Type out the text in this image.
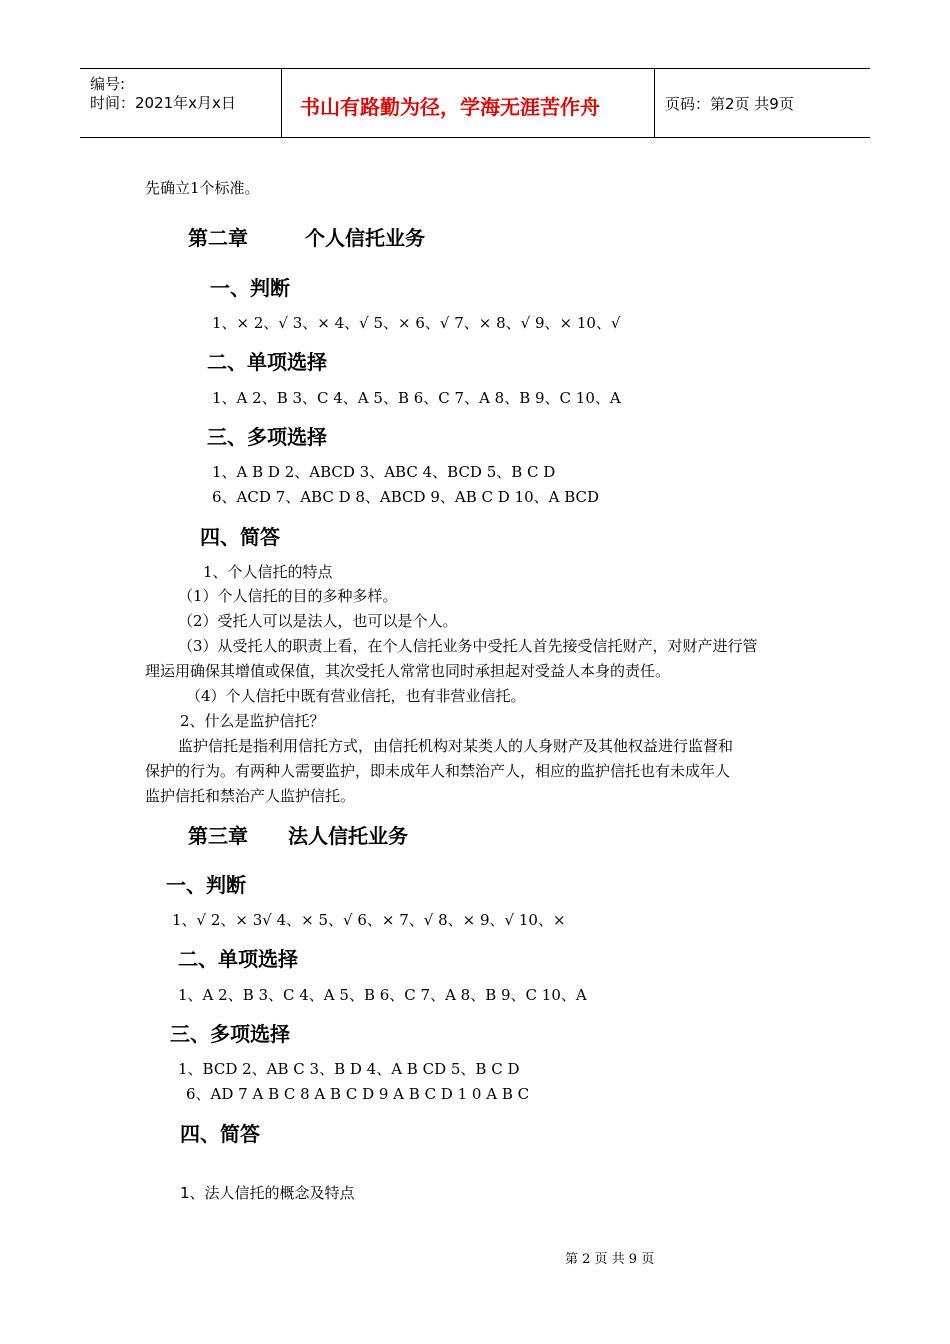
编号:
时间：2021年x月x日	书山有路勤为径，学海无涯苦作舟	页码：第2页 共9页
先确立1个标准。
第二章	个人信托业务
一、判断
1、× 2、√ 3、× 4、√ 5、× 6、√ 7、× 8、√ 9、× 10、√
二、单项选择
1、A 2、B 3、C 4、A 5、B 6、C 7、A 8、B 9、C 10、A
三、多项选择
1、A B D 2、ABCD 3、ABC 4、BCD 5、B C D
6、ACD 7、ABC D 8、ABCD 9、AB C D 10、A BCD
四、简答
1、个人信托的特点
（1）个人信托的目的多种多样。
（2）受托人可以是法人，也可以是个人。
（3）从受托人的职责上看，在个人信托业务中受托人首先接受信托财产，对财产进行管
理运用确保其增值或保值，其次受托人常常也同时承担起对受益人本身的责任。
（4）个人信托中既有营业信托，也有非营业信托。
2、什么是监护信托？
监护信托是指利用信托方式，由信托机构对某类人的人身财产及其他权益进行监督和
保护的行为。有两种人需要监护，即未成年人和禁治产人，相应的监护信托也有未成年人
监护信托和禁治产人监护信托。
第三章 法人信托业务
一、判断
1、√ 2、× 3√ 4、× 5、√ 6、× 7、√ 8、× 9、√ 10、×
二、单项选择
1、A 2、B 3、C 4、A 5、B 6、C 7、A 8、B 9、C 10、A
三、多项选择
1、BCD 2、AB C 3、B D 4、A B CD 5、B C D
6、AD 7 A B C 8 A B C D 9 A B C D 1 0 A B C
四、简答
1、法人信托的概念及特点
第 2 页 共 9 页
